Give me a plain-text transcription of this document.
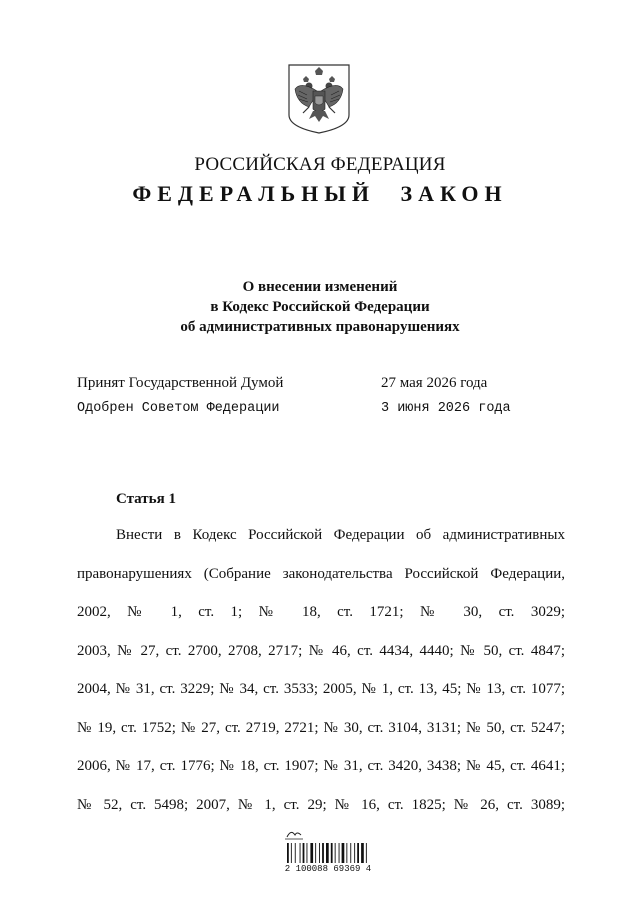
РОССИЙСКАЯ ФЕДЕРАЦИЯ
ФЕДЕРАЛЬНЫЙ ЗАКОН
О внесении изменений
в Кодекс Российской Федерации
об административных правонарушениях
Принят Государственной Думой	27 мая 2026 года
Одобрен Советом Федерации	3 июня 2026 года
Статья 1
Внести в Кодекс Российской Федерации об административных
правонарушениях (Собрание законодательства Российской Федерации,
2002, № 1, ст. 1; № 18, ст. 1721; № 30, ст. 3029;
2003, № 27, ст. 2700, 2708, 2717; № 46, ст. 4434, 4440; № 50, ст. 4847;
2004, № 31, ст. 3229; № 34, ст. 3533; 2005, № 1, ст. 13, 45; № 13, ст. 1077;
№ 19, ст. 1752; № 27, ст. 2719, 2721; № 30, ст. 3104, 3131; № 50, ст. 5247;
2006, № 17, ст. 1776; № 18, ст. 1907; № 31, ст. 3420, 3438; № 45, ст. 4641;
№ 52, ст. 5498; 2007, № 1, ст. 29; № 16, ст. 1825; № 26, ст. 3089;
2 100088 69369 4
